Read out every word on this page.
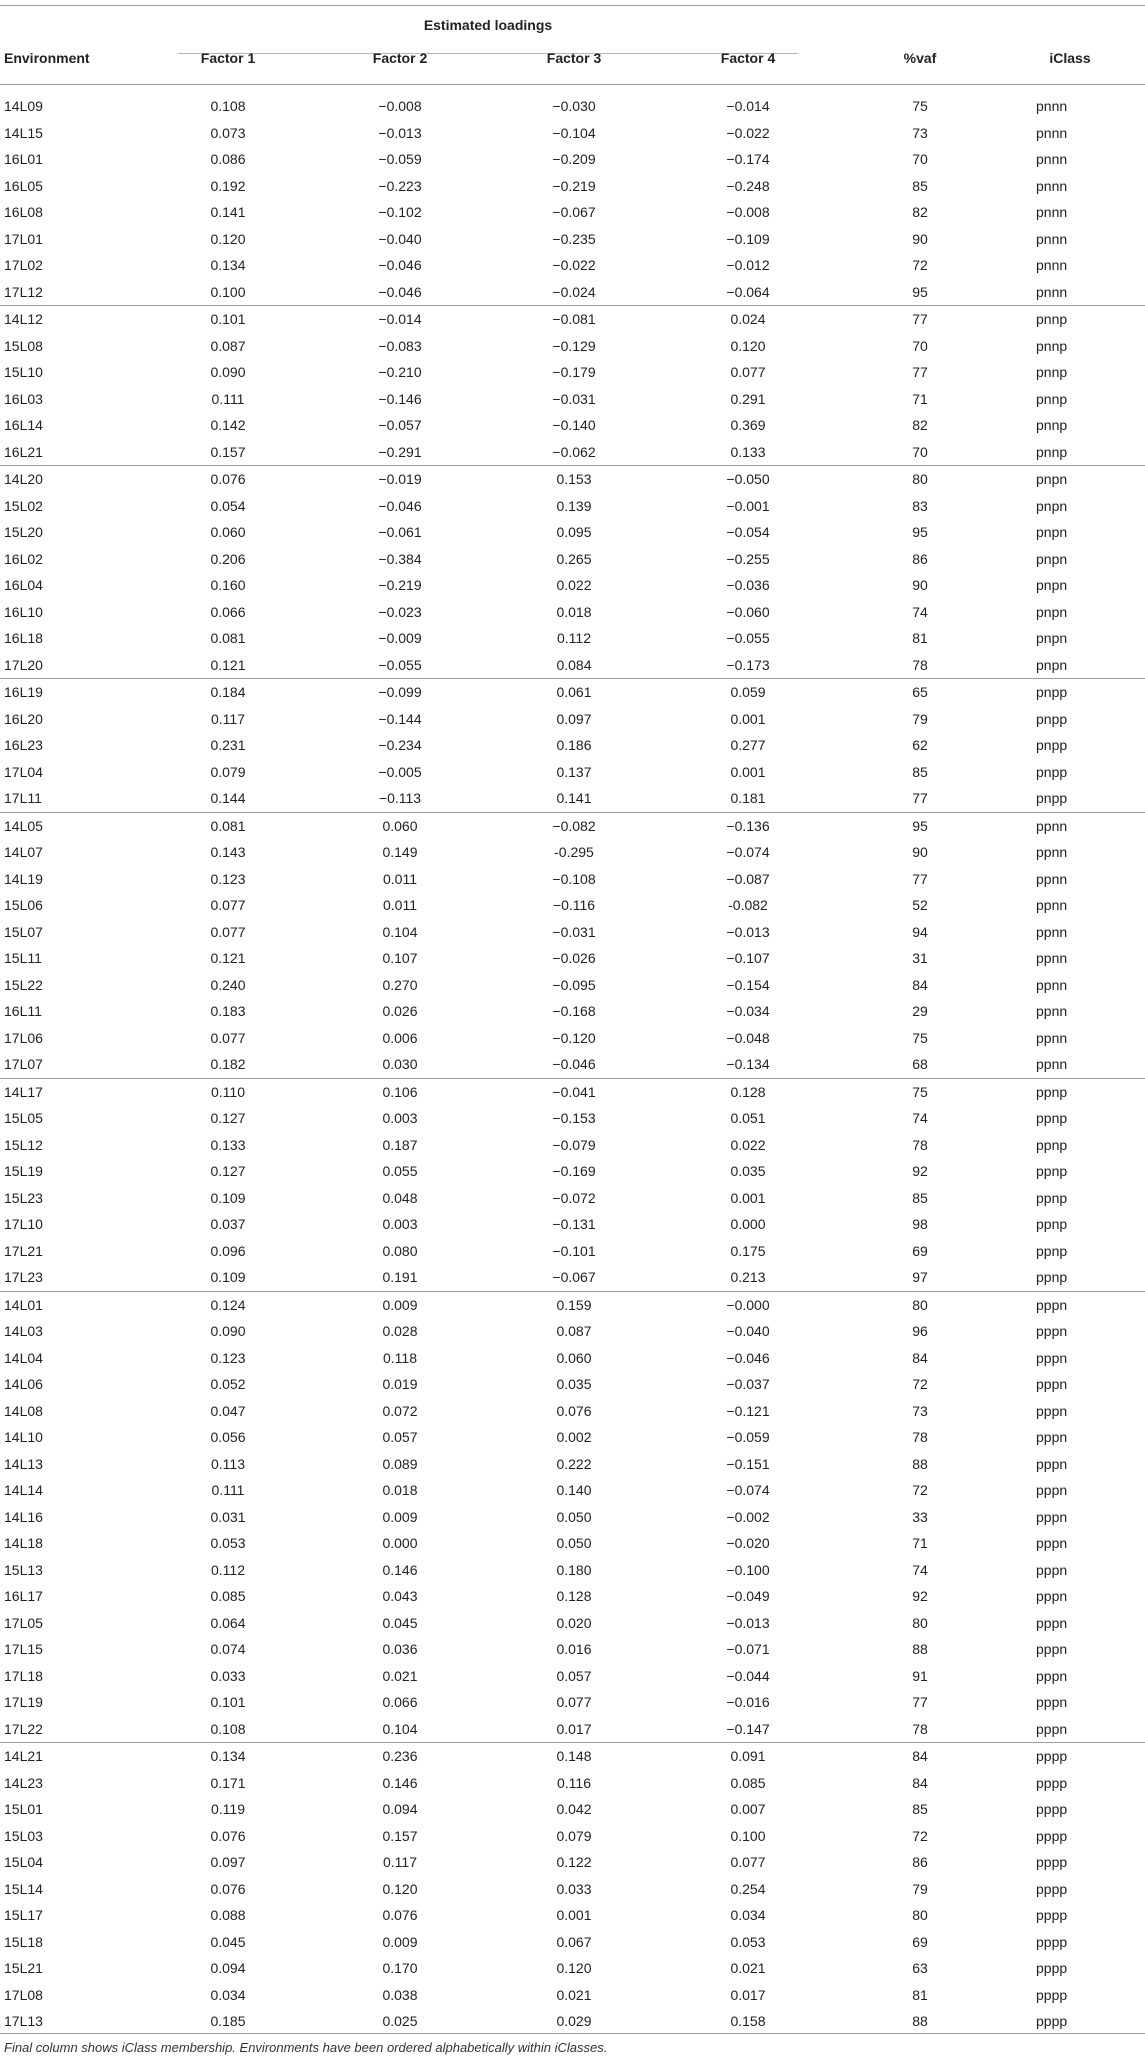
Estimated loadings
Environment	Factor 1	Factor 2	Factor 3	Factor 4	%vaf	iClass
14L09	0.108	−0.008	−0.030	−0.014	75	pnnn
14L15	0.073	−0.013	−0.104	−0.022	73	pnnn
16L01	0.086	−0.059	−0.209	−0.174	70	pnnn
16L05	0.192	−0.223	−0.219	−0.248	85	pnnn
16L08	0.141	−0.102	−0.067	−0.008	82	pnnn
17L01	0.120	−0.040	−0.235	−0.109	90	pnnn
17L02	0.134	−0.046	−0.022	−0.012	72	pnnn
17L12	0.100	−0.046	−0.024	−0.064	95	pnnn
14L12	0.101	−0.014	−0.081	0.024	77	pnnp
15L08	0.087	−0.083	−0.129	0.120	70	pnnp
15L10	0.090	−0.210	−0.179	0.077	77	pnnp
16L03	0.111	−0.146	−0.031	0.291	71	pnnp
16L14	0.142	−0.057	−0.140	0.369	82	pnnp
16L21	0.157	−0.291	−0.062	0.133	70	pnnp
14L20	0.076	−0.019	0.153	−0.050	80	pnpn
15L02	0.054	−0.046	0.139	−0.001	83	pnpn
15L20	0.060	−0.061	0.095	−0.054	95	pnpn
16L02	0.206	−0.384	0.265	−0.255	86	pnpn
16L04	0.160	−0.219	0.022	−0.036	90	pnpn
16L10	0.066	−0.023	0.018	−0.060	74	pnpn
16L18	0.081	−0.009	0.112	−0.055	81	pnpn
17L20	0.121	−0.055	0.084	−0.173	78	pnpn
16L19	0.184	−0.099	0.061	0.059	65	pnpp
16L20	0.117	−0.144	0.097	0.001	79	pnpp
16L23	0.231	−0.234	0.186	0.277	62	pnpp
17L04	0.079	−0.005	0.137	0.001	85	pnpp
17L11	0.144	−0.113	0.141	0.181	77	pnpp
14L05	0.081	0.060	−0.082	−0.136	95	ppnn
14L07	0.143	0.149	-0.295	−0.074	90	ppnn
14L19	0.123	0.011	−0.108	−0.087	77	ppnn
15L06	0.077	0.011	−0.116	-0.082	52	ppnn
15L07	0.077	0.104	−0.031	−0.013	94	ppnn
15L11	0.121	0.107	−0.026	−0.107	31	ppnn
15L22	0.240	0.270	−0.095	−0.154	84	ppnn
16L11	0.183	0.026	−0.168	−0.034	29	ppnn
17L06	0.077	0.006	−0.120	−0.048	75	ppnn
17L07	0.182	0.030	−0.046	−0.134	68	ppnn
14L17	0.110	0.106	−0.041	0.128	75	ppnp
15L05	0.127	0.003	−0.153	0.051	74	ppnp
15L12	0.133	0.187	−0.079	0.022	78	ppnp
15L19	0.127	0.055	−0.169	0.035	92	ppnp
15L23	0.109	0.048	−0.072	0.001	85	ppnp
17L10	0.037	0.003	−0.131	0.000	98	ppnp
17L21	0.096	0.080	−0.101	0.175	69	ppnp
17L23	0.109	0.191	−0.067	0.213	97	ppnp
14L01	0.124	0.009	0.159	−0.000	80	pppn
14L03	0.090	0.028	0.087	−0.040	96	pppn
14L04	0.123	0.118	0.060	−0.046	84	pppn
14L06	0.052	0.019	0.035	−0.037	72	pppn
14L08	0.047	0.072	0.076	−0.121	73	pppn
14L10	0.056	0.057	0.002	−0.059	78	pppn
14L13	0.113	0.089	0.222	−0.151	88	pppn
14L14	0.111	0.018	0.140	−0.074	72	pppn
14L16	0.031	0.009	0.050	−0.002	33	pppn
14L18	0.053	0.000	0.050	−0.020	71	pppn
15L13	0.112	0.146	0.180	−0.100	74	pppn
16L17	0.085	0.043	0.128	−0.049	92	pppn
17L05	0.064	0.045	0.020	−0.013	80	pppn
17L15	0.074	0.036	0.016	−0.071	88	pppn
17L18	0.033	0.021	0.057	−0.044	91	pppn
17L19	0.101	0.066	0.077	−0.016	77	pppn
17L22	0.108	0.104	0.017	−0.147	78	pppn
14L21	0.134	0.236	0.148	0.091	84	pppp
14L23	0.171	0.146	0.116	0.085	84	pppp
15L01	0.119	0.094	0.042	0.007	85	pppp
15L03	0.076	0.157	0.079	0.100	72	pppp
15L04	0.097	0.117	0.122	0.077	86	pppp
15L14	0.076	0.120	0.033	0.254	79	pppp
15L17	0.088	0.076	0.001	0.034	80	pppp
15L18	0.045	0.009	0.067	0.053	69	pppp
15L21	0.094	0.170	0.120	0.021	63	pppp
17L08	0.034	0.038	0.021	0.017	81	pppp
17L13	0.185	0.025	0.029	0.158	88	pppp
Final column shows iClass membership. Environments have been ordered alphabetically within iClasses.
